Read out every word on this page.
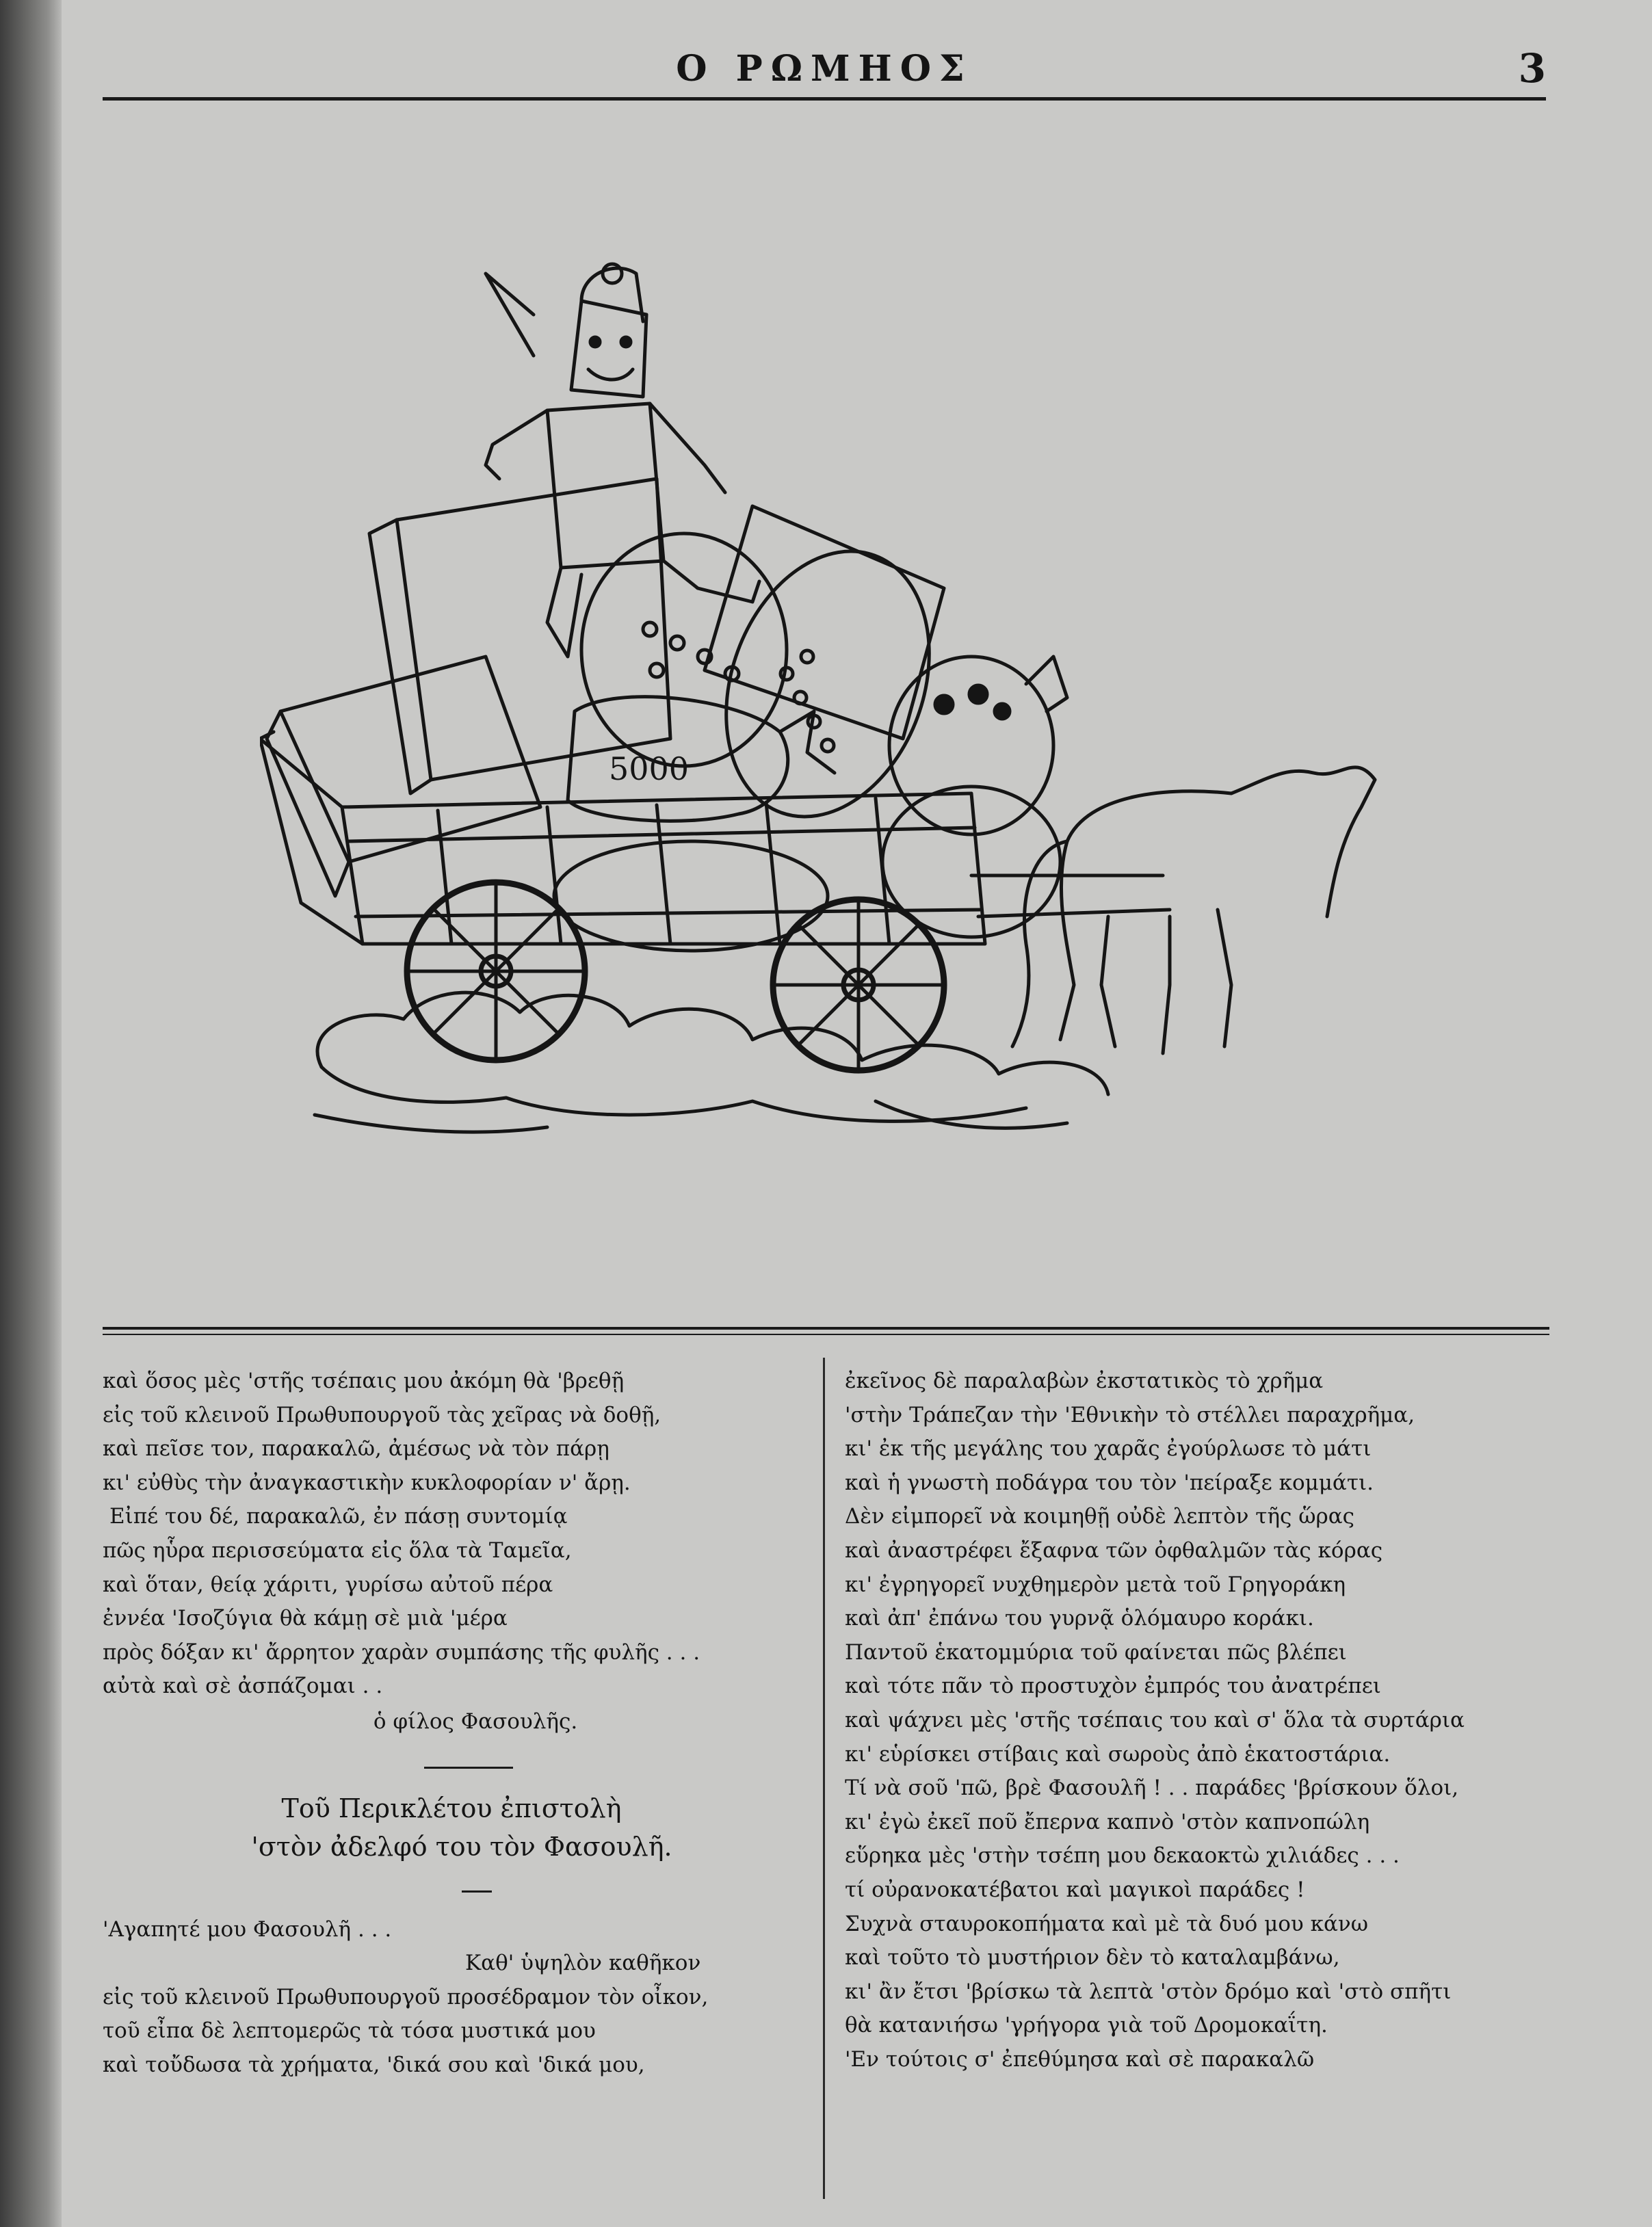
Ο ΡΩΜΗΟΣ	3
5000
καὶ ὅσος μὲς 'στῆς τσέπαις μου ἀκόμη θὰ 'βρεθῇ
εἰς τοῦ κλεινοῦ Πρωθυπουργοῦ τὰς χεῖρας νὰ δοθῇ,
καὶ πεῖσε τον, παρακαλῶ, ἀμέσως νὰ τὸν πάρῃ
κι' εὐθὺς τὴν ἀναγκαστικὴν κυκλοφορίαν ν' ἄρῃ.
Εἰπέ του δέ, παρακαλῶ, ἐν πάσῃ συντομίᾳ
πῶς ηὗρα περισσεύματα εἰς ὅλα τὰ Ταμεῖα,
καὶ ὅταν, θείᾳ χάριτι, γυρίσω αὐτοῦ πέρα
ἐννέα 'Ισοζύγια θὰ κάμῃ σὲ μιὰ 'μέρα
πρὸς δόξαν κι' ἄρρητον χαρὰν συμπάσης τῆς φυλῆς . . .
αὐτὰ καὶ σὲ ἀσπάζομαι . .
ὁ φίλος Φασουλῆς.
Τοῦ Περικλέτου ἐπιστολὴ
'στὸν ἀδελφό του τὸν Φασουλῆ.
'Αγαπητέ μου Φασουλῆ . . .
Καθ' ὑψηλὸν καθῆκον
εἰς τοῦ κλεινοῦ Πρωθυπουργοῦ προσέδραμον τὸν οἶκον,
τοῦ εἶπα δὲ λεπτομερῶς τὰ τόσα μυστικά μου
καὶ τοὔδωσα τὰ χρήματα, 'δικά σου καὶ 'δικά μου,
ἐκεῖνος δὲ παραλαβὼν ἐκστατικὸς τὸ χρῆμα
'στὴν Τράπεζαν τὴν 'Εθνικὴν τὸ στέλλει παραχρῆμα,
κι' ἐκ τῆς μεγάλης του χαρᾶς ἐγούρλωσε τὸ μάτι
καὶ ἡ γνωστὴ ποδάγρα του τὸν 'πείραξε κομμάτι.
Δὲν εἰμπορεῖ νὰ κοιμηθῇ οὐδὲ λεπτὸν τῆς ὥρας
καὶ ἀναστρέφει ἔξαφνα τῶν ὀφθαλμῶν τὰς κόρας
κι' ἐγρηγορεῖ νυχθημερὸν μετὰ τοῦ Γρηγοράκη
καὶ ἀπ' ἐπάνω του γυρνᾷ ὁλόμαυρο κοράκι.
Παντοῦ ἑκατομμύρια τοῦ φαίνεται πῶς βλέπει
καὶ τότε πᾶν τὸ προστυχὸν ἐμπρός του ἀνατρέπει
καὶ ψάχνει μὲς 'στῆς τσέπαις του καὶ σ' ὅλα τὰ συρτάρια
κι' εὑρίσκει στίβαις καὶ σωροὺς ἀπὸ ἑκατοστάρια.
Τί νὰ σοῦ 'πῶ, βρὲ Φασουλῆ ! . . παράδες 'βρίσκουν ὅλοι,
κι' ἐγὼ ἐκεῖ ποῦ ἔπερνα καπνὸ 'στὸν καπνοπώλη
εὕρηκα μὲς 'στὴν τσέπη μου δεκαοκτὼ χιλιάδες . . .
τί οὐρανοκατέβατοι καὶ μαγικοὶ παράδες !
Συχνὰ σταυροκοπήματα καὶ μὲ τὰ δυό μου κάνω
καὶ τοῦτο τὸ μυστήριον δὲν τὸ καταλαμβάνω,
κι' ἂν ἔτσι 'βρίσκω τὰ λεπτὰ 'στὸν δρόμο καὶ 'στὸ σπῆτι
θὰ κατανιήσω 'γρήγορα γιὰ τοῦ Δρομοκαΐτη.
'Εν τούτοις σ' ἐπεθύμησα καὶ σὲ παρακαλῶ
